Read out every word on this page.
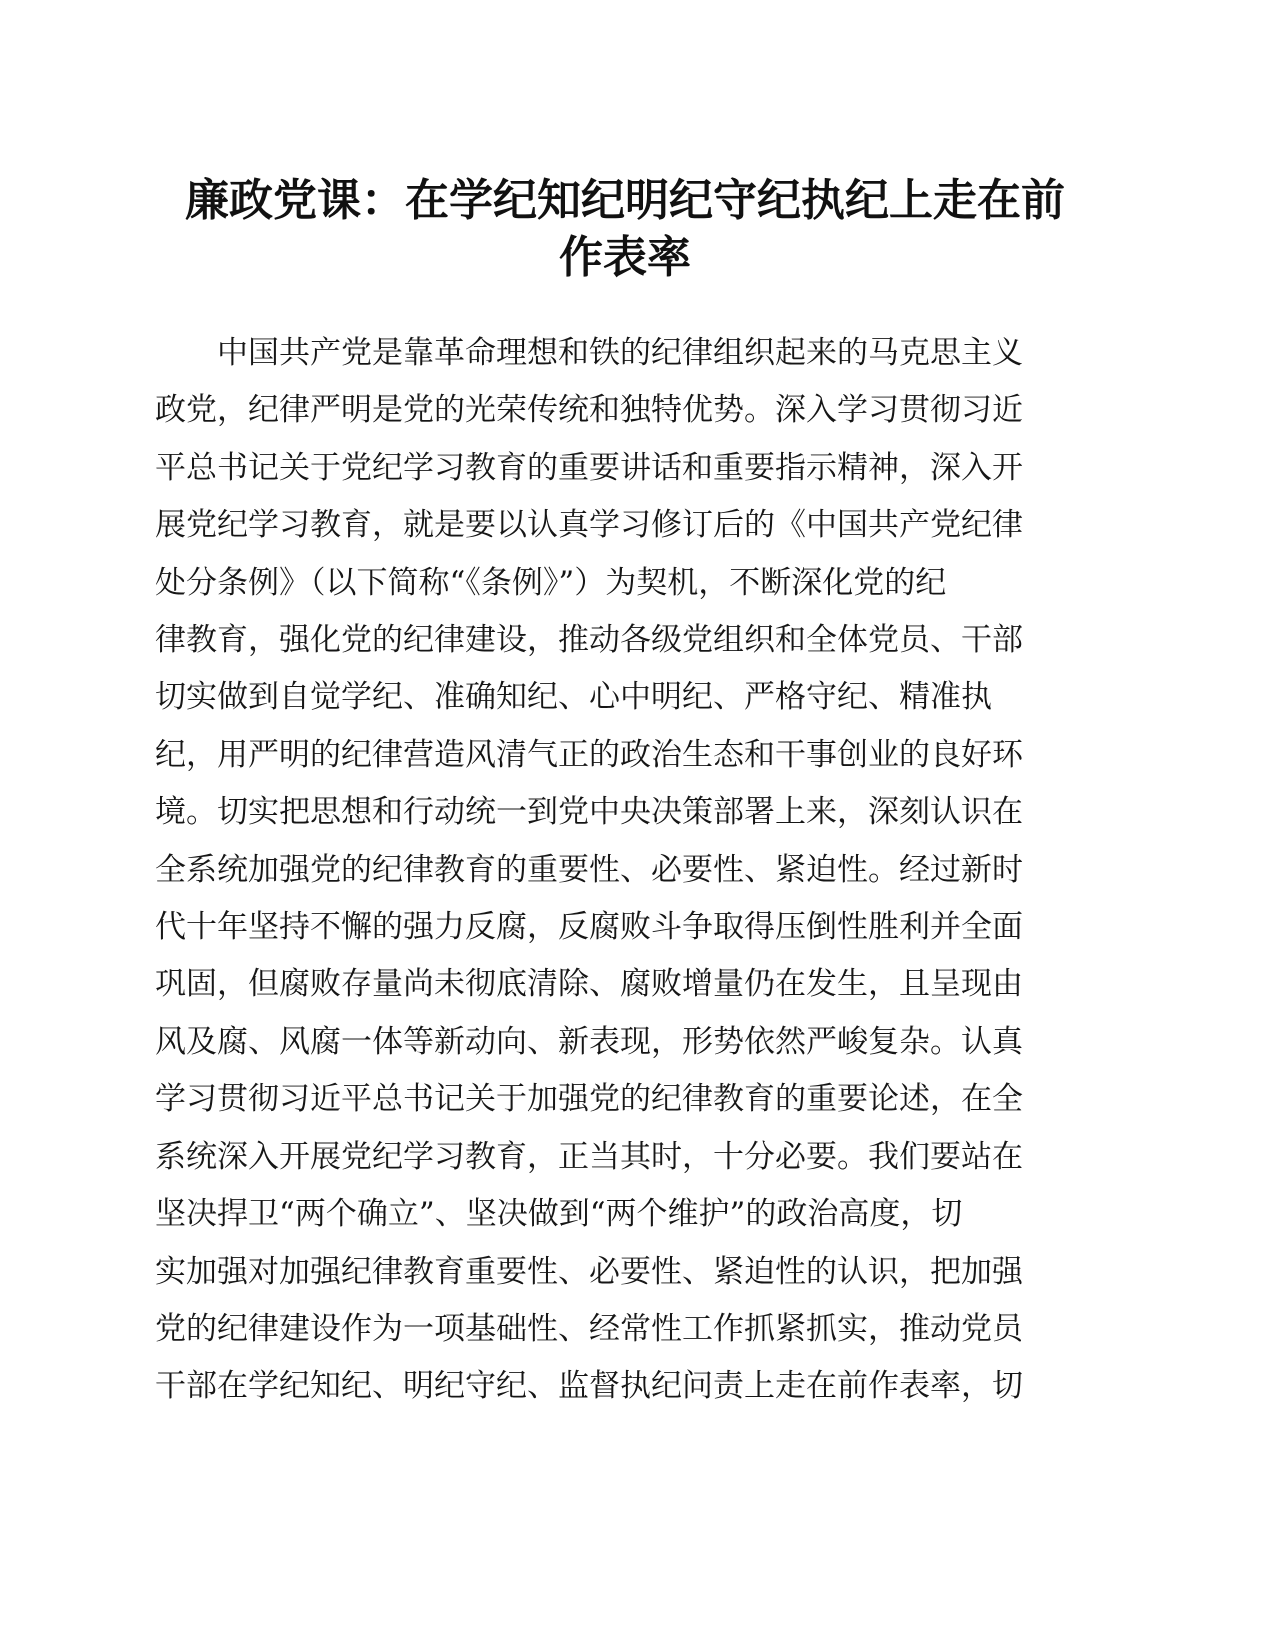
廉政党课：在学纪知纪明纪守纪执纪上走在前
作表率
　　中国共产党是靠革命理想和铁的纪律组织起来的马克思主义
政党，纪律严明是党的光荣传统和独特优势。深入学习贯彻习近
平总书记关于党纪学习教育的重要讲话和重要指示精神，深入开
展党纪学习教育，就是要以认真学习修订后的《中国共产党纪律
处分条例》（以下简称“《条例》”）为契机，不断深化党的纪
律教育，强化党的纪律建设，推动各级党组织和全体党员、干部
切实做到自觉学纪、准确知纪、心中明纪、严格守纪、精准执
纪，用严明的纪律营造风清气正的政治生态和干事创业的良好环
境。切实把思想和行动统一到党中央决策部署上来，深刻认识在
全系统加强党的纪律教育的重要性、必要性、紧迫性。经过新时
代十年坚持不懈的强力反腐，反腐败斗争取得压倒性胜利并全面
巩固，但腐败存量尚未彻底清除、腐败增量仍在发生，且呈现由
风及腐、风腐一体等新动向、新表现，形势依然严峻复杂。认真
学习贯彻习近平总书记关于加强党的纪律教育的重要论述，在全
系统深入开展党纪学习教育，正当其时，十分必要。我们要站在
坚决捍卫“两个确立”、坚决做到“两个维护”的政治高度，切
实加强对加强纪律教育重要性、必要性、紧迫性的认识，把加强
党的纪律建设作为一项基础性、经常性工作抓紧抓实，推动党员
干部在学纪知纪、明纪守纪、监督执纪问责上走在前作表率，切
